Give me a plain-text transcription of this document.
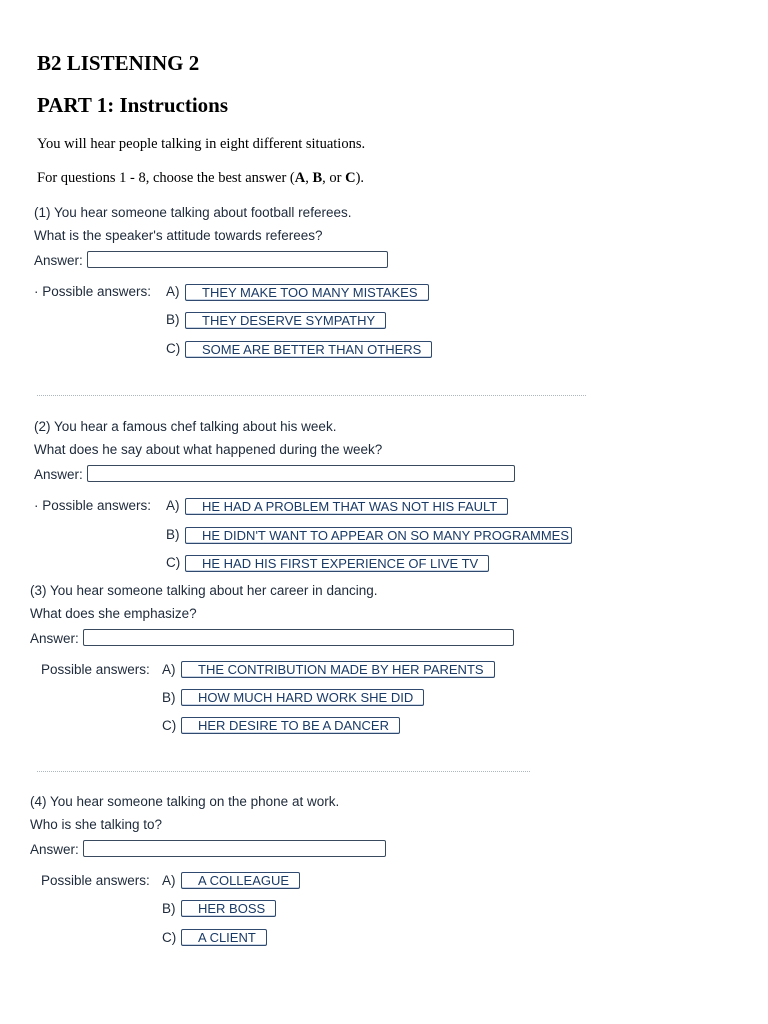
B2 LISTENING 2
PART 1: Instructions
You will hear people talking in eight different situations.
For questions 1 - 8, choose the best answer (A, B, or C).
(1) You hear someone talking about football referees.
What is the speaker's attitude towards referees?
Answer:
· Possible answers: A)	THEY MAKE TOO MANY MISTAKES
B)	THEY DESERVE SYMPATHY
C)	SOME ARE BETTER THAN OTHERS
(2) You hear a famous chef talking about his week.
What does he say about what happened during the week?
Answer:
· Possible answers: A)	HE HAD A PROBLEM THAT WAS NOT HIS FAULT
B)	HE DIDN'T WANT TO APPEAR ON SO MANY PROGRAMMES
C)	HE HAD HIS FIRST EXPERIENCE OF LIVE TV
(3) You hear someone talking about her career in dancing.
What does she emphasize?
Answer:
Possible answers: A)	THE CONTRIBUTION MADE BY HER PARENTS
B)	HOW MUCH HARD WORK SHE DID
C)	HER DESIRE TO BE A DANCER
(4) You hear someone talking on the phone at work.
Who is she talking to?
Answer:
Possible answers: A)	A COLLEAGUE
B)	HER BOSS
C)	A CLIENT
